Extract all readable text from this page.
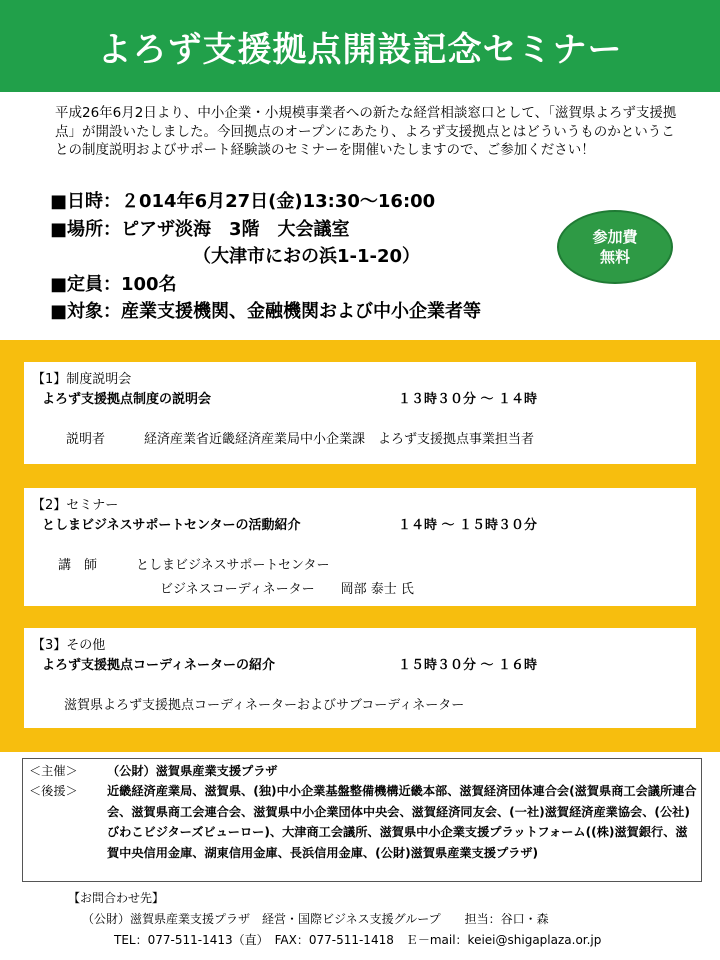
よろず支援拠点開設記念セミナー
平成26年6月2日より、中小企業・小規模事業者への新たな経営相談窓口として、「滋賀県よろず支援拠点」が開設いたしました。今回拠点のオープンにあたり、よろず支援拠点とはどういうものかということの制度説明およびサポート経験談のセミナーを開催いたしますので、ご参加ください！
■日時：２014年6月27日(金)13:30〜16:00
■場所：ピアザ淡海　3階　大会議室
（大津市におの浜1-1-20）
■定員：100名
■対象：産業支援機関、金融機関および中小企業者等
参加費
無料
【1】制度説明会
よろず支援拠点制度の説明会	１３時３０分 〜 １４時
説明者　　　経済産業省近畿経済産業局中小企業課　よろず支援拠点事業担当者
【2】セミナー
としまビジネスサポートセンターの活動紹介	１４時 〜 １５時３０分
講　師　　　としまビジネスサポートセンター
ビジネスコーディネーター　　岡部 泰士 氏
【3】その他
よろず支援拠点コーディネーターの紹介	１５時３０分 〜 １６時
滋賀県よろず支援拠点コーディネーターおよびサブコーディネーター
＜主催＞ （公財）滋賀県産業支援プラザ
＜後援＞ 近畿経済産業局、滋賀県、(独)中小企業基盤整備機構近畿本部、滋賀経済団体連合会(滋賀県商工会議所連合会、滋賀県商工会連合会、滋賀県中小企業団体中央会、滋賀経済同友会、(一社)滋賀経済産業協会、(公社)びわこビジターズビューロー)、大津商工会議所、滋賀県中小企業支援プラットフォーム((株)滋賀銀行、滋賀中央信用金庫、湖東信用金庫、長浜信用金庫、(公財)滋賀県産業支援プラザ)
【お問合わせ先】
（公財）滋賀県産業支援プラザ　経営・国際ビジネス支援グループ　　担当：谷口・森
TEL：077-511-1413（直）　FAX：077-511-1418　Ｅ－mail：keiei@shigaplaza.or.jp
